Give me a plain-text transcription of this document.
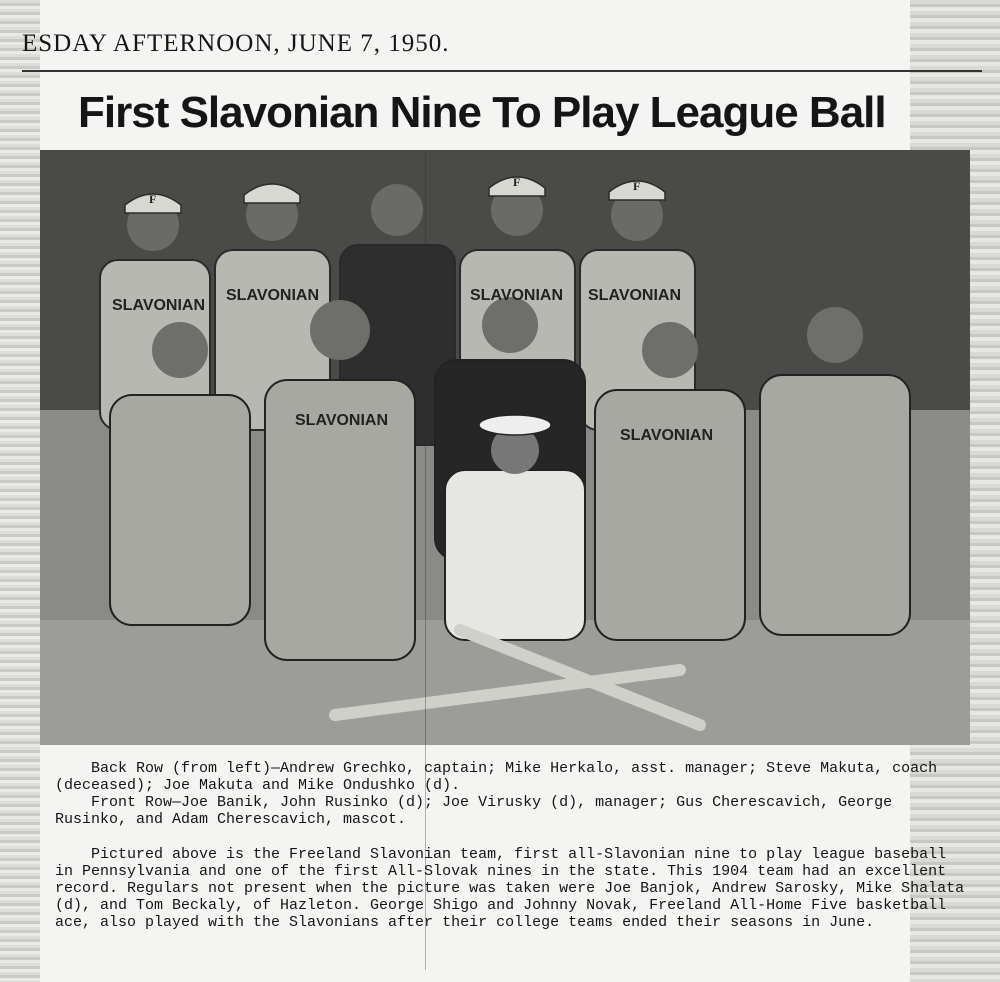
ESDAY AFTERNOON, JUNE 7, 1950.
First Slavonian Nine To Play League Ball
SLAVONIAN
SLAVONIAN	SLAVONIAN SLAVONIAN
SLAVONIAN
SLAVONIAN
F
F	F

Back Row (from left)—Andrew Grechko, captain; Mike Herkalo, asst. manager; Steve Makuta, coach (deceased); Joe Makuta and Mike Ondushko (d).

Front Row—Joe Banik, John Rusinko (d); Joe Virusky (d), manager; Gus Cherescavich, George Rusinko, and Adam Cherescavich, mascot.

Pictured above is the Freeland Slavonian team, first all-Slavonian nine to play league baseball in Pennsylvania and one of the first All-Slovak nines in the state. This 1904 team had an excellent record. Regulars not present when the picture was taken were Joe Banjok, Andrew Sarosky, Mike Shalata (d), and Tom Beckaly, of Hazleton. George Shigo and Johnny Novak, Freeland All-Home Five basketball ace, also played with the Slavonians after their college teams ended their seasons in June.
